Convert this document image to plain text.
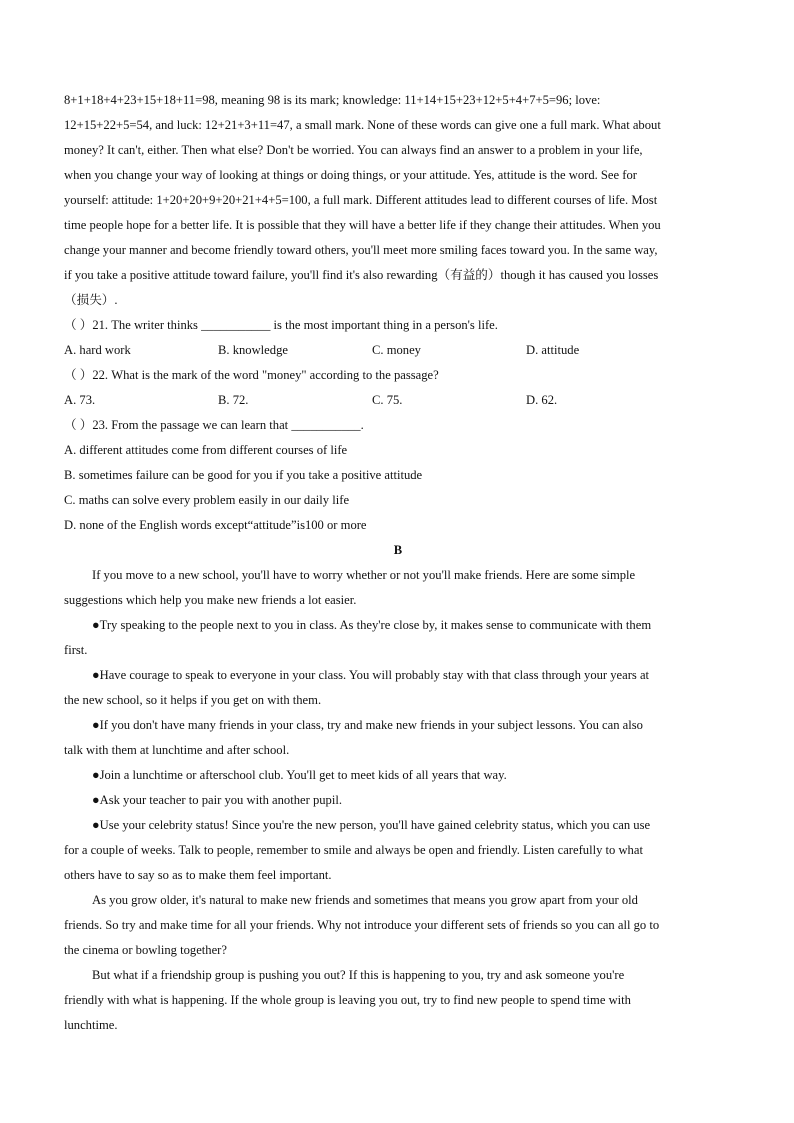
8+1+18+4+23+15+18+11=98, meaning 98 is its mark; knowledge: 11+14+15+23+12+5+4+7+5=96; love:
12+15+22+5=54, and luck: 12+21+3+11=47, a small mark. None of these words can give one a full mark. What about
money? It can't, either. Then what else? Don't be worried. You can always find an answer to a problem in your life,
when you change your way of looking at things or doing things, or your attitude. Yes, attitude is the word. See for
yourself: attitude: 1+20+20+9+20+21+4+5=100, a full mark. Different attitudes lead to different courses of life. Most
time people hope for a better life. It is possible that they will have a better life if they change their attitudes. When you
change your manner and become friendly toward others, you'll meet more smiling faces toward you. In the same way,
if you take a positive attitude toward failure, you'll find it's also rewarding（有益的）though it has caused you losses
（损失）.
（ ）21. The writer thinks ___________ is the most important thing in a person's life.
A. hard work	B. knowledge	C. money	D. attitude
（ ）22. What is the mark of the word "money" according to the passage?
A. 73.	B. 72.	C. 75.	D. 62.
（ ）23. From the passage we can learn that ___________.
A. different attitudes come from different courses of life
B. sometimes failure can be good for you if you take a positive attitude
C. maths can solve every problem easily in our daily life
D. none of the English words except“attitude”is100 or more
B
If you move to a new school, you'll have to worry whether or not you'll make friends. Here are some simple
suggestions which help you make new friends a lot easier.
●Try speaking to the people next to you in class. As they're close by, it makes sense to communicate with them
first.
●Have courage to speak to everyone in your class. You will probably stay with that class through your years at
the new school, so it helps if you get on with them.
●If you don't have many friends in your class, try and make new friends in your subject lessons. You can also
talk with them at lunchtime and after school.
●Join a lunchtime or afterschool club. You'll get to meet kids of all years that way.
●Ask your teacher to pair you with another pupil.
●Use your celebrity status! Since you're the new person, you'll have gained celebrity status, which you can use
for a couple of weeks. Talk to people, remember to smile and always be open and friendly. Listen carefully to what
others have to say so as to make them feel important.
As you grow older, it's natural to make new friends and sometimes that means you grow apart from your old
friends. So try and make time for all your friends. Why not introduce your different sets of friends so you can all go to
the cinema or bowling together?
But what if a friendship group is pushing you out? If this is happening to you, try and ask someone you're
friendly with what is happening. If the whole group is leaving you out, try to find new people to spend time with
lunchtime.
